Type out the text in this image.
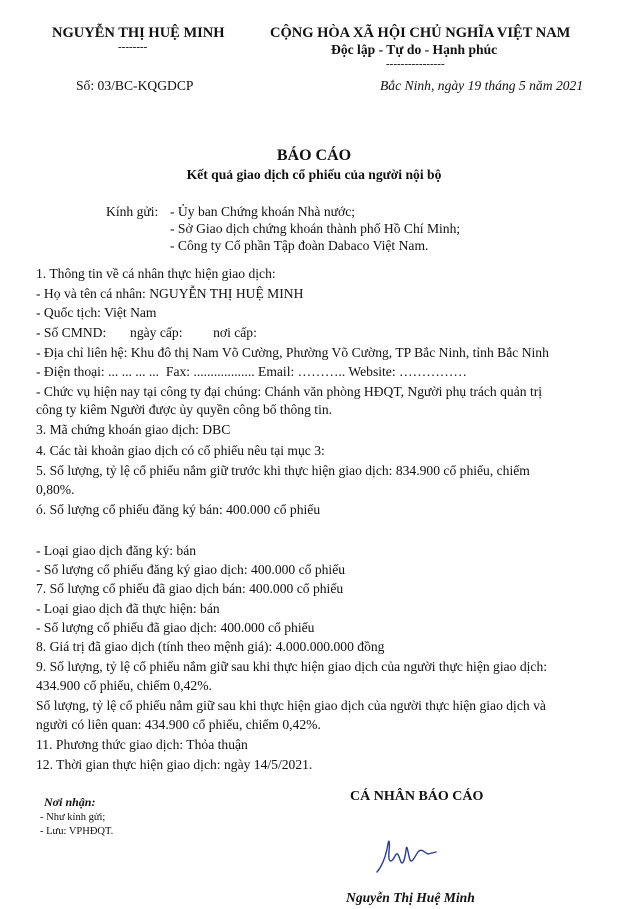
NGUYỄN THỊ HUỆ MINH
--------
Số: 03/BC-KQGDCP
CỘNG HÒA XÃ HỘI CHỦ NGHĨA VIỆT NAM
Độc lập - Tự do - Hạnh phúc
----------------
Bắc Ninh, ngày 19 tháng 5 năm 2021
BÁO CÁO
Kết quả giao dịch cổ phiếu của người nội bộ
Kính gửi: - Ủy ban Chứng khoán Nhà nước;
- Sở Giao dịch chứng khoán thành phố Hồ Chí Minh;
- Công ty Cổ phần Tập đoàn Dabaco Việt Nam.
1. Thông tin về cá nhân thực hiện giao dịch:
- Họ và tên cá nhân: NGUYỄN THỊ HUỆ MINH
- Quốc tịch: Việt Nam
- Số CMND:       ngày cấp:         nơi cấp:
- Địa chỉ liên hệ: Khu đô thị Nam Võ Cường, Phường Võ Cường, TP Bắc Ninh, tỉnh Bắc Ninh
- Điện thoại: ... ... ... ...  Fax: .................. Email: ……….. Website: ……………
- Chức vụ hiện nay tại công ty đại chúng: Chánh văn phòng HĐQT, Người phụ trách quản trị
công ty kiêm Người được ủy quyền công bố thông tin.
3. Mã chứng khoán giao dịch: DBC
4. Các tài khoản giao dịch có cổ phiếu nêu tại mục 3:
5. Số lượng, tỷ lệ cổ phiếu nắm giữ trước khi thực hiện giao dịch: 834.900 cổ phiếu, chiếm
0,80%.
ó. Số lượng cổ phiếu đăng ký bán: 400.000 cổ phiếu
- Loại giao dịch đăng ký: bán
- Số lượng cổ phiếu đăng ký giao dịch: 400.000 cổ phiếu
7. Số lượng cổ phiếu đã giao dịch bán: 400.000 cổ phiếu
- Loại giao dịch đã thực hiện: bán
- Số lượng cổ phiếu đã giao dịch: 400.000 cổ phiếu
8. Giá trị đã giao dịch (tính theo mệnh giá): 4.000.000.000 đồng
9. Số lượng, tỷ lệ cổ phiếu nắm giữ sau khi thực hiện giao dịch của người thực hiện giao dịch:
434.900 cổ phiếu, chiếm 0,42%.
Số lượng, tỷ lệ cổ phiếu nắm giữ sau khi thực hiện giao dịch của người thực hiện giao dịch và
người có liên quan: 434.900 cổ phiếu, chiếm 0,42%.
11. Phương thức giao dịch: Thỏa thuận
12. Thời gian thực hiện giao dịch: ngày 14/5/2021.
Nơi nhận:
- Như kính gửi;
- Lưu: VPHĐQT.
CÁ NHÂN BÁO CÁO
Nguyễn Thị Huệ Minh
